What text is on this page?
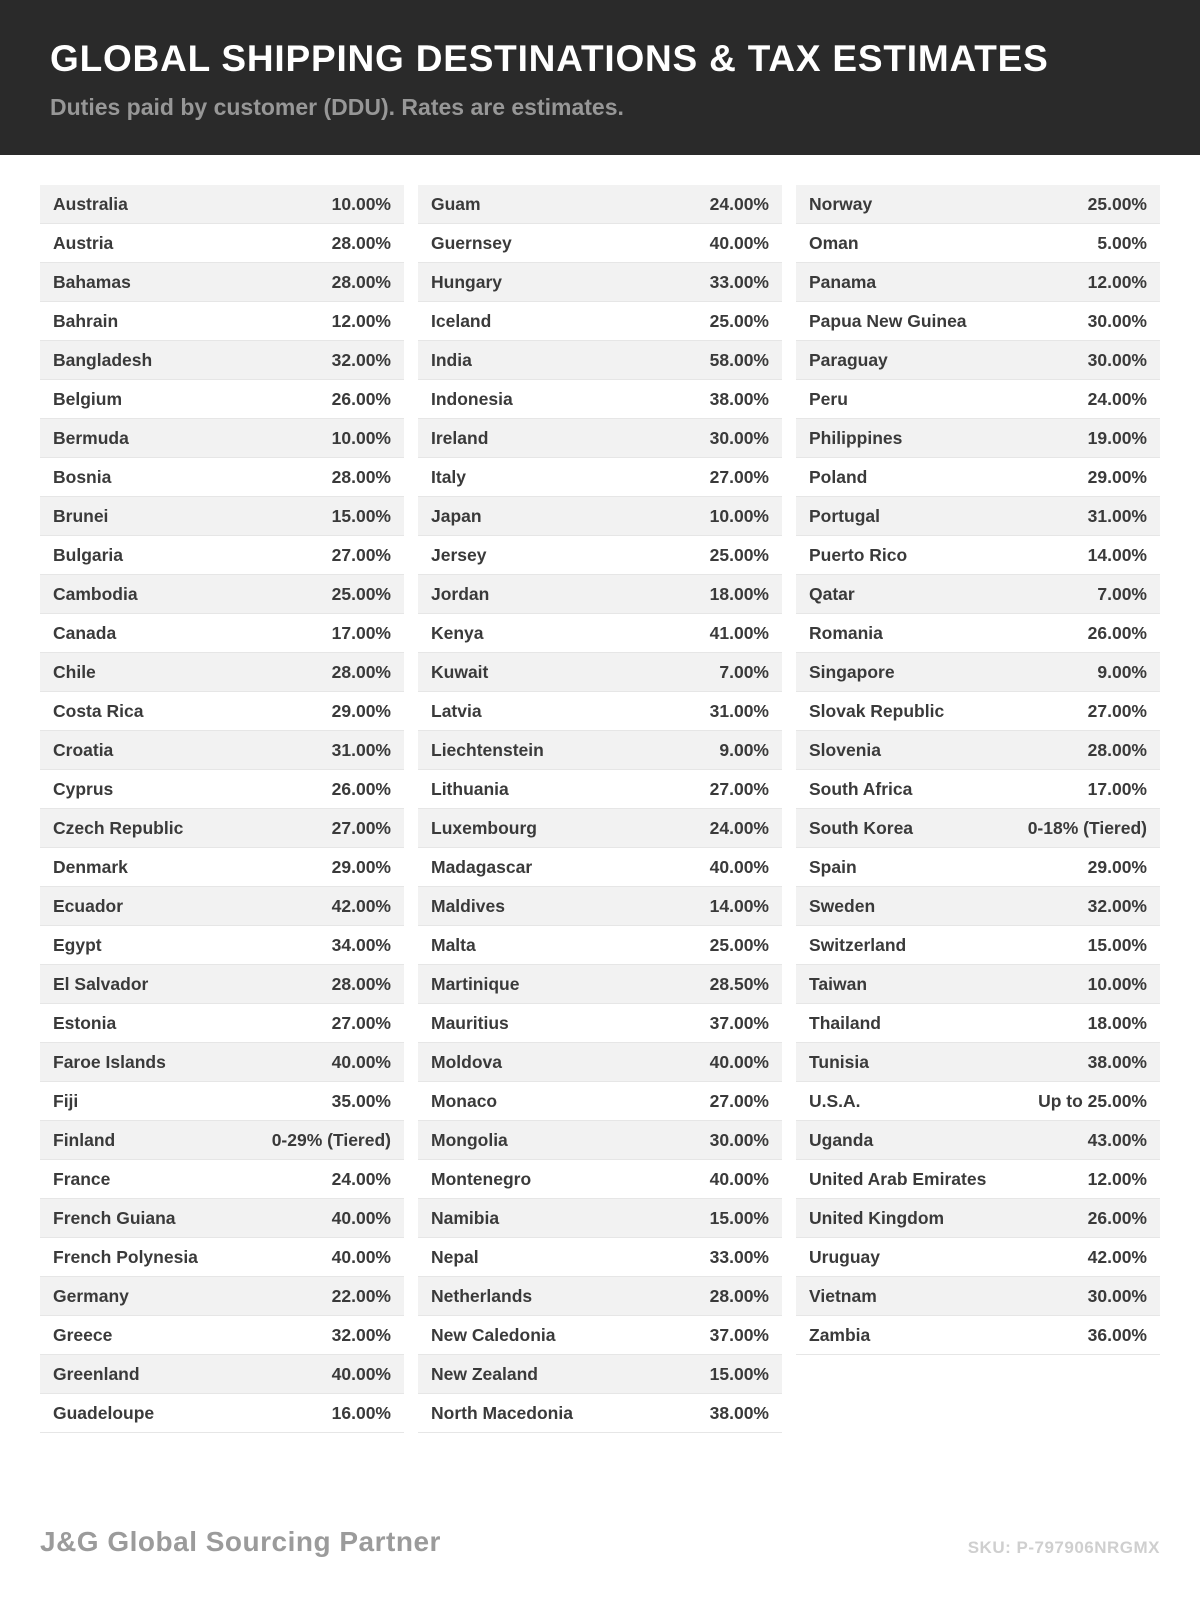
GLOBAL SHIPPING DESTINATIONS & TAX ESTIMATES
Duties paid by customer (DDU). Rates are estimates.
Australia	10.00%
Austria	28.00%
Bahamas	28.00%
Bahrain	12.00%
Bangladesh	32.00%
Belgium	26.00%
Bermuda	10.00%
Bosnia	28.00%
Brunei	15.00%
Bulgaria	27.00%
Cambodia	25.00%
Canada	17.00%
Chile	28.00%
Costa Rica	29.00%
Croatia	31.00%
Cyprus	26.00%
Czech Republic	27.00%
Denmark	29.00%
Ecuador	42.00%
Egypt	34.00%
El Salvador	28.00%
Estonia	27.00%
Faroe Islands	40.00%
Fiji	35.00%
Finland	0-29% (Tiered)
France	24.00%
French Guiana	40.00%
French Polynesia	40.00%
Germany	22.00%
Greece	32.00%
Greenland	40.00%
Guadeloupe	16.00%
Guam	24.00%
Guernsey	40.00%
Hungary	33.00%
Iceland	25.00%
India	58.00%
Indonesia	38.00%
Ireland	30.00%
Italy	27.00%
Japan	10.00%
Jersey	25.00%
Jordan	18.00%
Kenya	41.00%
Kuwait	7.00%
Latvia	31.00%
Liechtenstein	9.00%
Lithuania	27.00%
Luxembourg	24.00%
Madagascar	40.00%
Maldives	14.00%
Malta	25.00%
Martinique	28.50%
Mauritius	37.00%
Moldova	40.00%
Monaco	27.00%
Mongolia	30.00%
Montenegro	40.00%
Namibia	15.00%
Nepal	33.00%
Netherlands	28.00%
New Caledonia	37.00%
New Zealand	15.00%
North Macedonia	38.00%
Norway	25.00%
Oman	5.00%
Panama	12.00%
Papua New Guinea	30.00%
Paraguay	30.00%
Peru	24.00%
Philippines	19.00%
Poland	29.00%
Portugal	31.00%
Puerto Rico	14.00%
Qatar	7.00%
Romania	26.00%
Singapore	9.00%
Slovak Republic	27.00%
Slovenia	28.00%
South Africa	17.00%
South Korea	0-18% (Tiered)
Spain	29.00%
Sweden	32.00%
Switzerland	15.00%
Taiwan	10.00%
Thailand	18.00%
Tunisia	38.00%
U.S.A.	Up to 25.00%
Uganda	43.00%
United Arab Emirates	12.00%
United Kingdom	26.00%
Uruguay	42.00%
Vietnam	30.00%
Zambia	36.00%
J&G Global Sourcing Partner	SKU: P-797906NRGMX
